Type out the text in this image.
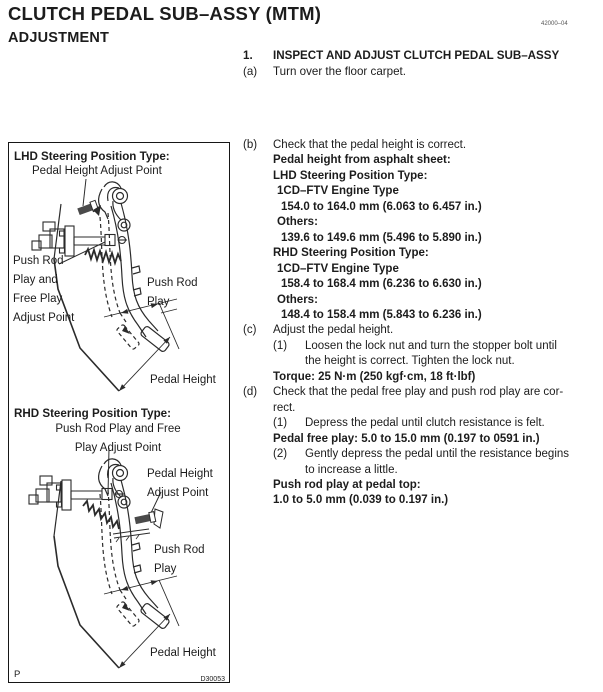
CLUTCH PEDAL SUB–ASSY (MTM)
ADJUSTMENT
42000–04
1. INSPECT AND ADJUST CLUTCH PEDAL SUB–ASSY
(a) Turn over the floor carpet.
(b) Check that the pedal height is correct.
Pedal height from asphalt sheet:
LHD Steering Position Type:
1CD–FTV Engine Type
154.0 to 164.0 mm (6.063 to 6.457 in.)
Others:
139.6 to 149.6 mm (5.496 to 5.890 in.)
RHD Steering Position Type:
1CD–FTV Engine Type
158.4 to 168.4 mm (6.236 to 6.630 in.)
Others:
148.4 to 158.4 mm (5.843 to 6.236 in.)
(c) Adjust the pedal height.
(1) Loosen the lock nut and turn the stopper bolt until
the height is correct. Tighten the lock nut.
Torque: 25 N·m (250 kgf·cm, 18 ft·lbf)
(d) Check that the pedal free play and push rod play are cor-
rect.
(1) Depress the pedal until clutch resistance is felt.
Pedal free play: 5.0 to 15.0 mm (0.197 to 0591 in.)
(2) Gently depress the pedal until the resistance begins
to increase a little.
Push rod play at pedal top:
1.0 to 5.0 mm (0.039 to 0.197 in.)
LHD Steering Position Type:
Pedal Height Adjust Point
Push Rod Play and Free Play Adjust Point
Push Rod Play
Pedal Height
RHD Steering Position Type:
Push Rod Play and Free Play Adjust Point
Pedal Height Adjust Point
Push Rod Play
Pedal Height
P	D30053
